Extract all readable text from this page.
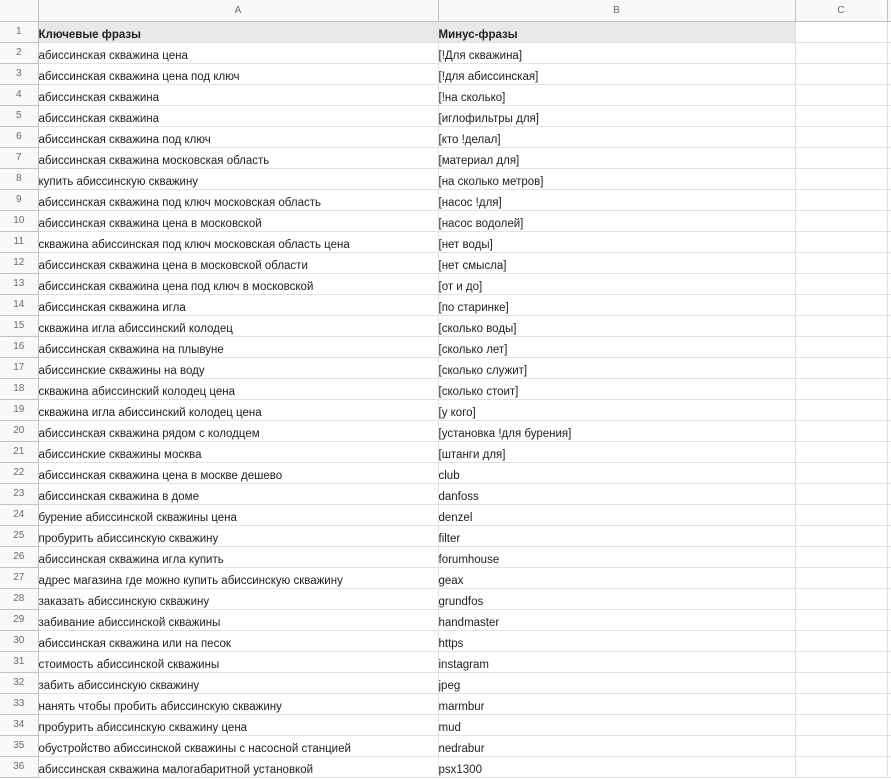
	A	B	C	
1	Ключевые фразы	Минус-фразы		
2	абиссинская скважина цена	[!Для скважина]		
3	абиссинская скважина цена под ключ	[!для абиссинская]		
4	абиссинская скважина	[!на сколько]		
5	абиссинская скважина	[иглофильтры для]		
6	абиссинская скважина под ключ	[кто !делал]		
7	абиссинская скважина московская область	[материал для]		
8	купить абиссинскую скважину	[на сколько метров]		
9	абиссинская скважина под ключ московская область	[насос !для]		
10	абиссинская скважина цена в московской	[насос водолей]		
11	скважина абиссинская под ключ московская область цена	[нет воды]		
12	абиссинская скважина цена в московской области	[нет смысла]		
13	абиссинская скважина цена под ключ в московской	[от и до]		
14	абиссинская скважина игла	[по старинке]		
15	скважина игла абиссинский колодец	[сколько воды]		
16	абиссинская скважина на плывуне	[сколько лет]		
17	абиссинские скважины на воду	[сколько служит]		
18	скважина абиссинский колодец цена	[сколько стоит]		
19	скважина игла абиссинский колодец цена	[у кого]		
20	абиссинская скважина рядом с колодцем	[установка !для бурения]		
21	абиссинские скважины москва	[штанги для]		
22	абиссинская скважина цена в москве дешево	club		
23	абиссинская скважина в доме	danfoss		
24	бурение абиссинской скважины цена	denzel		
25	пробурить абиссинскую скважину	filter		
26	абиссинская скважина игла купить	forumhouse		
27	адрес магазина где можно купить абиссинскую скважину	geax		
28	заказать абиссинскую скважину	grundfos		
29	забивание абиссинской скважины	handmaster		
30	абиссинская скважина или на песок	https		
31	стоимость абиссинской скважины	instagram		
32	забить абиссинскую скважину	jpeg		
33	нанять чтобы пробить абиссинскую скважину	marmbur		
34	пробурить абиссинскую скважину цена	mud		
35	обустройство абиссинской скважины с насосной станцией	nedrabur		
36	абиссинская скважина малогабаритной установкой	psx1300		
